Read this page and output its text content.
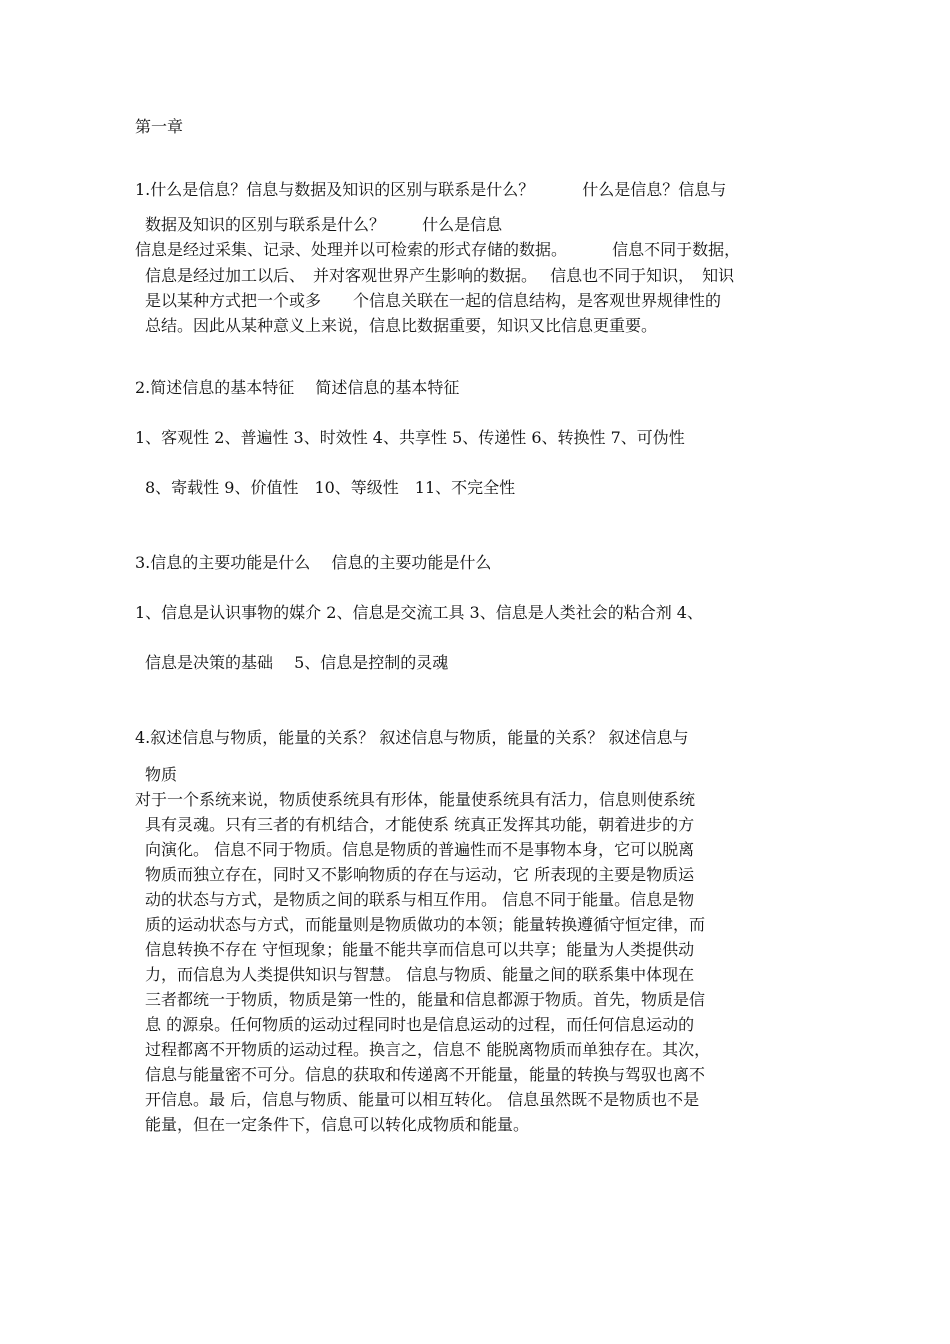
第一章
1.什么是信息？信息与数据及知识的区别与联系是什么？　　　什么是信息？信息与
数据及知识的区别与联系是什么？　　 什么是信息
信息是经过采集、记录、处理并以可检索的形式存储的数据。　　　 信息不同于数据，
信息是经过加工以后、　并对客观世界产生影响的数据。　 信息也不同于知识，　知识
是以某种方式把一个或多　　个信息关联在一起的信息结构，是客观世界规律性的
总结。因此从某种意义上来说，信息比数据重要，知识又比信息更重要。
2.简述信息的基本特征　 简述信息的基本特征
1、客观性 2、普遍性 3、时效性 4、共享性 5、传递性 6、转换性 7、可伪性
8、寄载性 9、价值性　10、等级性　11、不完全性
3.信息的主要功能是什么　 信息的主要功能是什么
1、信息是认识事物的媒介 2、信息是交流工具 3、信息是人类社会的粘合剂 4、
信息是决策的基础　 5、信息是控制的灵魂
4.叙述信息与物质，能量的关系？ 叙述信息与物质，能量的关系？ 叙述信息与
物质
对于一个系统来说，物质使系统具有形体，能量使系统具有活力，信息则使系统
具有灵魂。只有三者的有机结合，才能使系 统真正发挥其功能，朝着进步的方
向演化。 信息不同于物质。信息是物质的普遍性而不是事物本身，它可以脱离
物质而独立存在，同时又不影响物质的存在与运动，它 所表现的主要是物质运
动的状态与方式，是物质之间的联系与相互作用。 信息不同于能量。信息是物
质的运动状态与方式，而能量则是物质做功的本领；能量转换遵循守恒定律，而
信息转换不存在 守恒现象；能量不能共享而信息可以共享；能量为人类提供动
力，而信息为人类提供知识与智慧。 信息与物质、能量之间的联系集中体现在
三者都统一于物质，物质是第一性的，能量和信息都源于物质。首先，物质是信
息 的源泉。任何物质的运动过程同时也是信息运动的过程，而任何信息运动的
过程都离不开物质的运动过程。换言之，信息不 能脱离物质而单独存在。其次，
信息与能量密不可分。信息的获取和传递离不开能量，能量的转换与驾驭也离不
开信息。最 后，信息与物质、能量可以相互转化。 信息虽然既不是物质也不是
能量，但在一定条件下，信息可以转化成物质和能量。
